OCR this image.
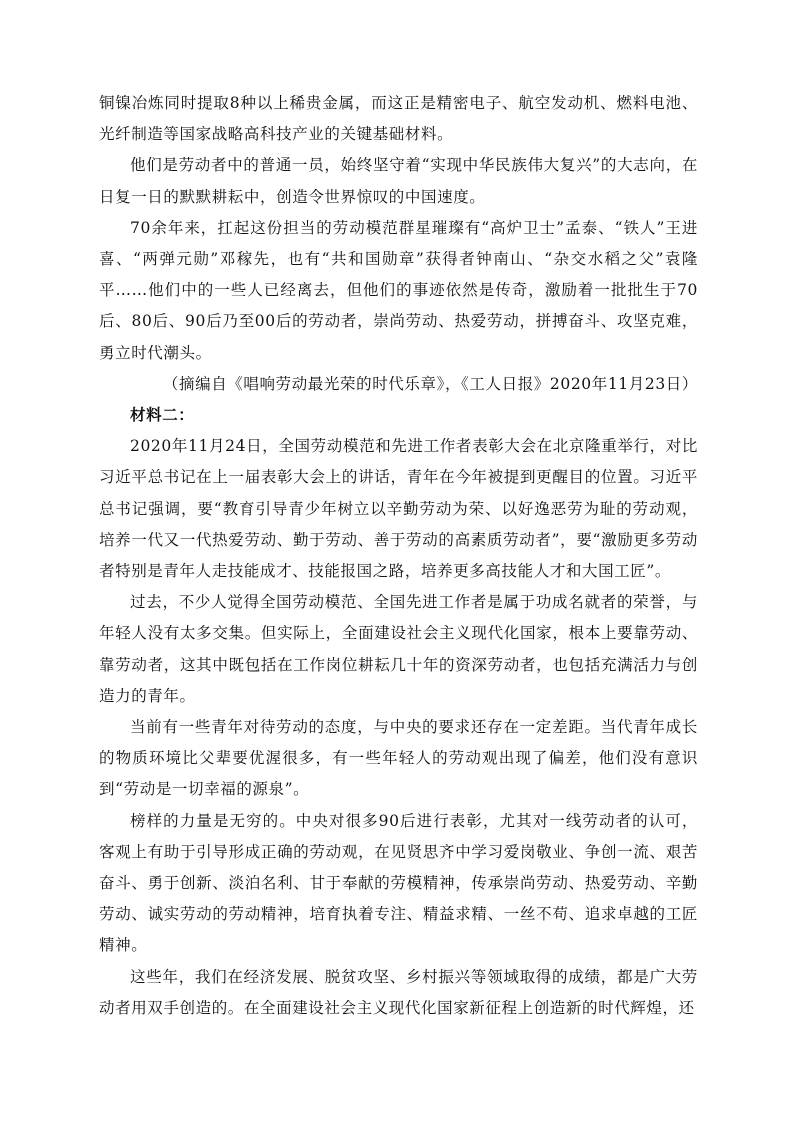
铜镍冶炼同时提取8种以上稀贵金属，而这正是精密电子、航空发动机、燃料电池、光纤制造等国家战略高科技产业的关键基础材料。

他们是劳动者中的普通一员，始终坚守着“实现中华民族伟大复兴”的大志向，在日复一日的默默耕耘中，创造令世界惊叹的中国速度。

70余年来，扛起这份担当的劳动模范群星璀璨有“高炉卫士”孟泰、“铁人”王进喜、“两弹元勋”邓稼先，也有“共和国勋章”获得者钟南山、“杂交水稻之父”袁隆平……他们中的一些人已经离去，但他们的事迹依然是传奇，激励着一批批生于70后、80后、90后乃至00后的劳动者，崇尚劳动、热爱劳动，拼搏奋斗、攻坚克难，勇立时代潮头。

（摘编自《唱响劳动最光荣的时代乐章》，《工人日报》2020年11月23日）

材料二：

2020年11月24日，全国劳动模范和先进工作者表彰大会在北京隆重举行，对比习近平总书记在上一届表彰大会上的讲话，青年在今年被提到更醒目的位置。习近平总书记强调，要“教育引导青少年树立以辛勤劳动为荣、以好逸恶劳为耻的劳动观，培养一代又一代热爱劳动、勤于劳动、善于劳动的高素质劳动者”，要“激励更多劳动者特别是青年人走技能成才、技能报国之路，培养更多高技能人才和大国工匠”。

过去，不少人觉得全国劳动模范、全国先进工作者是属于功成名就者的荣誉，与年轻人没有太多交集。但实际上，全面建设社会主义现代化国家，根本上要靠劳动、靠劳动者，这其中既包括在工作岗位耕耘几十年的资深劳动者，也包括充满活力与创造力的青年。

当前有一些青年对待劳动的态度，与中央的要求还存在一定差距。当代青年成长的物质环境比父辈要优渥很多，有一些年轻人的劳动观出现了偏差，他们没有意识到“劳动是一切幸福的源泉”。

榜样的力量是无穷的。中央对很多90后进行表彰，尤其对一线劳动者的认可，客观上有助于引导形成正确的劳动观，在见贤思齐中学习爱岗敬业、争创一流、艰苦奋斗、勇于创新、淡泊名利、甘于奉献的劳模精神，传承崇尚劳动、热爱劳动、辛勤劳动、诚实劳动的劳动精神，培育执着专注、精益求精、一丝不苟、追求卓越的工匠精神。

这些年，我们在经济发展、脱贫攻坚、乡村振兴等领域取得的成绩，都是广大劳动者用双手创造的。在全面建设社会主义现代化国家新征程上创造新的时代辉煌，还
